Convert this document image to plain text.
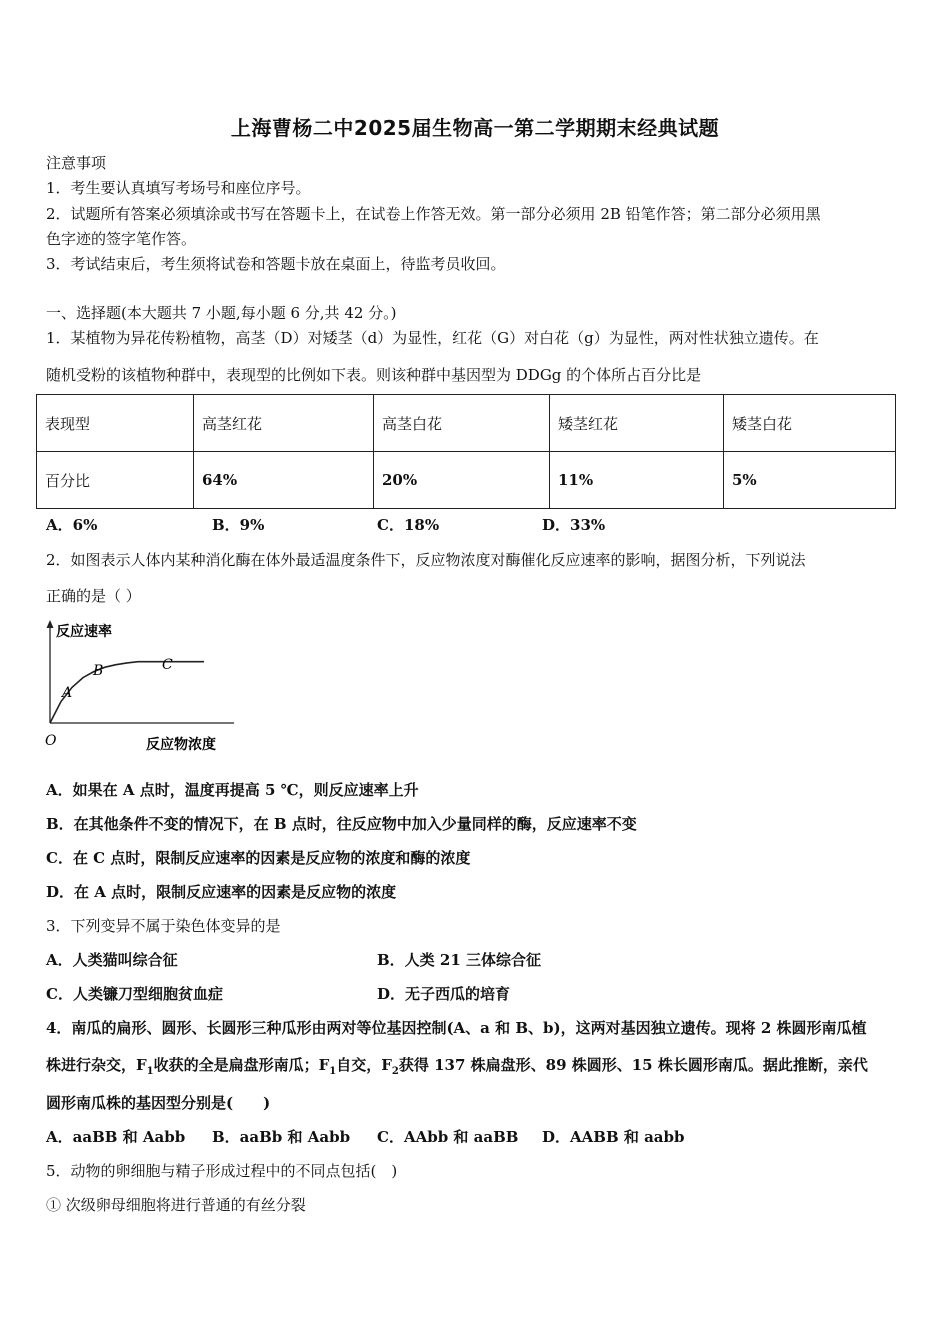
上海曹杨二中2025届生物高一第二学期期末经典试题
注意事项
1．考生要认真填写考场号和座位序号。
2．试题所有答案必须填涂或书写在答题卡上，在试卷上作答无效。第一部分必须用 2B 铅笔作答；第二部分必须用黑
色字迹的签字笔作答。
3．考试结束后，考生须将试卷和答题卡放在桌面上，待监考员收回。
一、选择题(本大题共 7 小题,每小题 6 分,共 42 分。)
1．某植物为异花传粉植物，高茎（D）对矮茎（d）为显性，红花（G）对白花（g）为显性，两对性状独立遗传。在
随机受粉的该植物种群中，表现型的比例如下表。则该种群中基因型为 DDGg 的个体所占百分比是
表现型	高茎红花	高茎白花	矮茎红花	矮茎白花
百分比	64%	20%	11%	5%
A．6%	B．9%	C．18%	D．33%
2．如图表示人体内某种消化酶在体外最适温度条件下，反应物浓度对酶催化反应速率的影响，据图分析，下列说法
正确的是（ ）
反应速率
反应物浓度
O
A
B	C
A．如果在 A 点时，温度再提高 5 ℃，则反应速率上升
B．在其他条件不变的情况下，在 B 点时，往反应物中加入少量同样的酶，反应速率不变
C．在 C 点时，限制反应速率的因素是反应物的浓度和酶的浓度
D．在 A 点时，限制反应速率的因素是反应物的浓度
3．下列变异不属于染色体变异的是
A．人类猫叫综合征	B．人类 21 三体综合征
C．人类镰刀型细胞贫血症	D．无子西瓜的培育
4．南瓜的扁形、圆形、长圆形三种瓜形由两对等位基因控制(A、a 和 B、b)，这两对基因独立遗传。现将 2 株圆形南瓜植
株进行杂交，$F_1$收获的全是扁盘形南瓜；$F_1$自交，$F_2$获得 137 株扁盘形、89 株圆形、15 株长圆形南瓜。据此推断，亲代
圆形南瓜株的基因型分别是(　　)
A．aaBB 和 Aabb B．aaBb 和 Aabb C．AAbb 和 aaBB D．AABB 和 aabb
5．动物的卵细胞与精子形成过程中的不同点包括(　)
① 次级卵母细胞将进行普通的有丝分裂
